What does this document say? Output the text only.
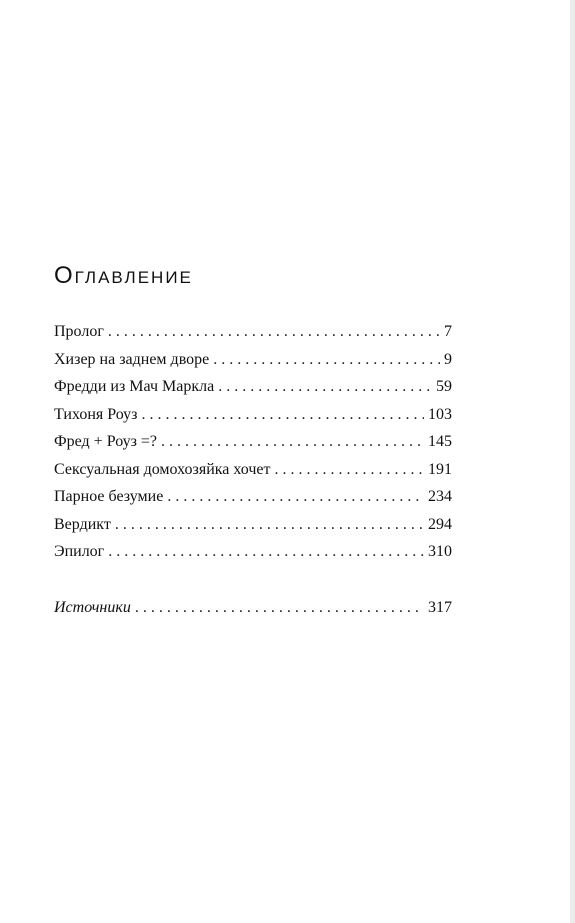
Оглавление
Пролог . . .	7
Хизер на заднем дворе . . .	9
Фредди из Мач Маркла . . .	59
Тихоня Роуз . . .	103
Фред + Роуз =? . . .	145
Сексуальная домохозяйка хочет . . .	191
Парное безумие . . .	234
Вердикт . . .	294
Эпилог . . .	310
Источники . . .	317
